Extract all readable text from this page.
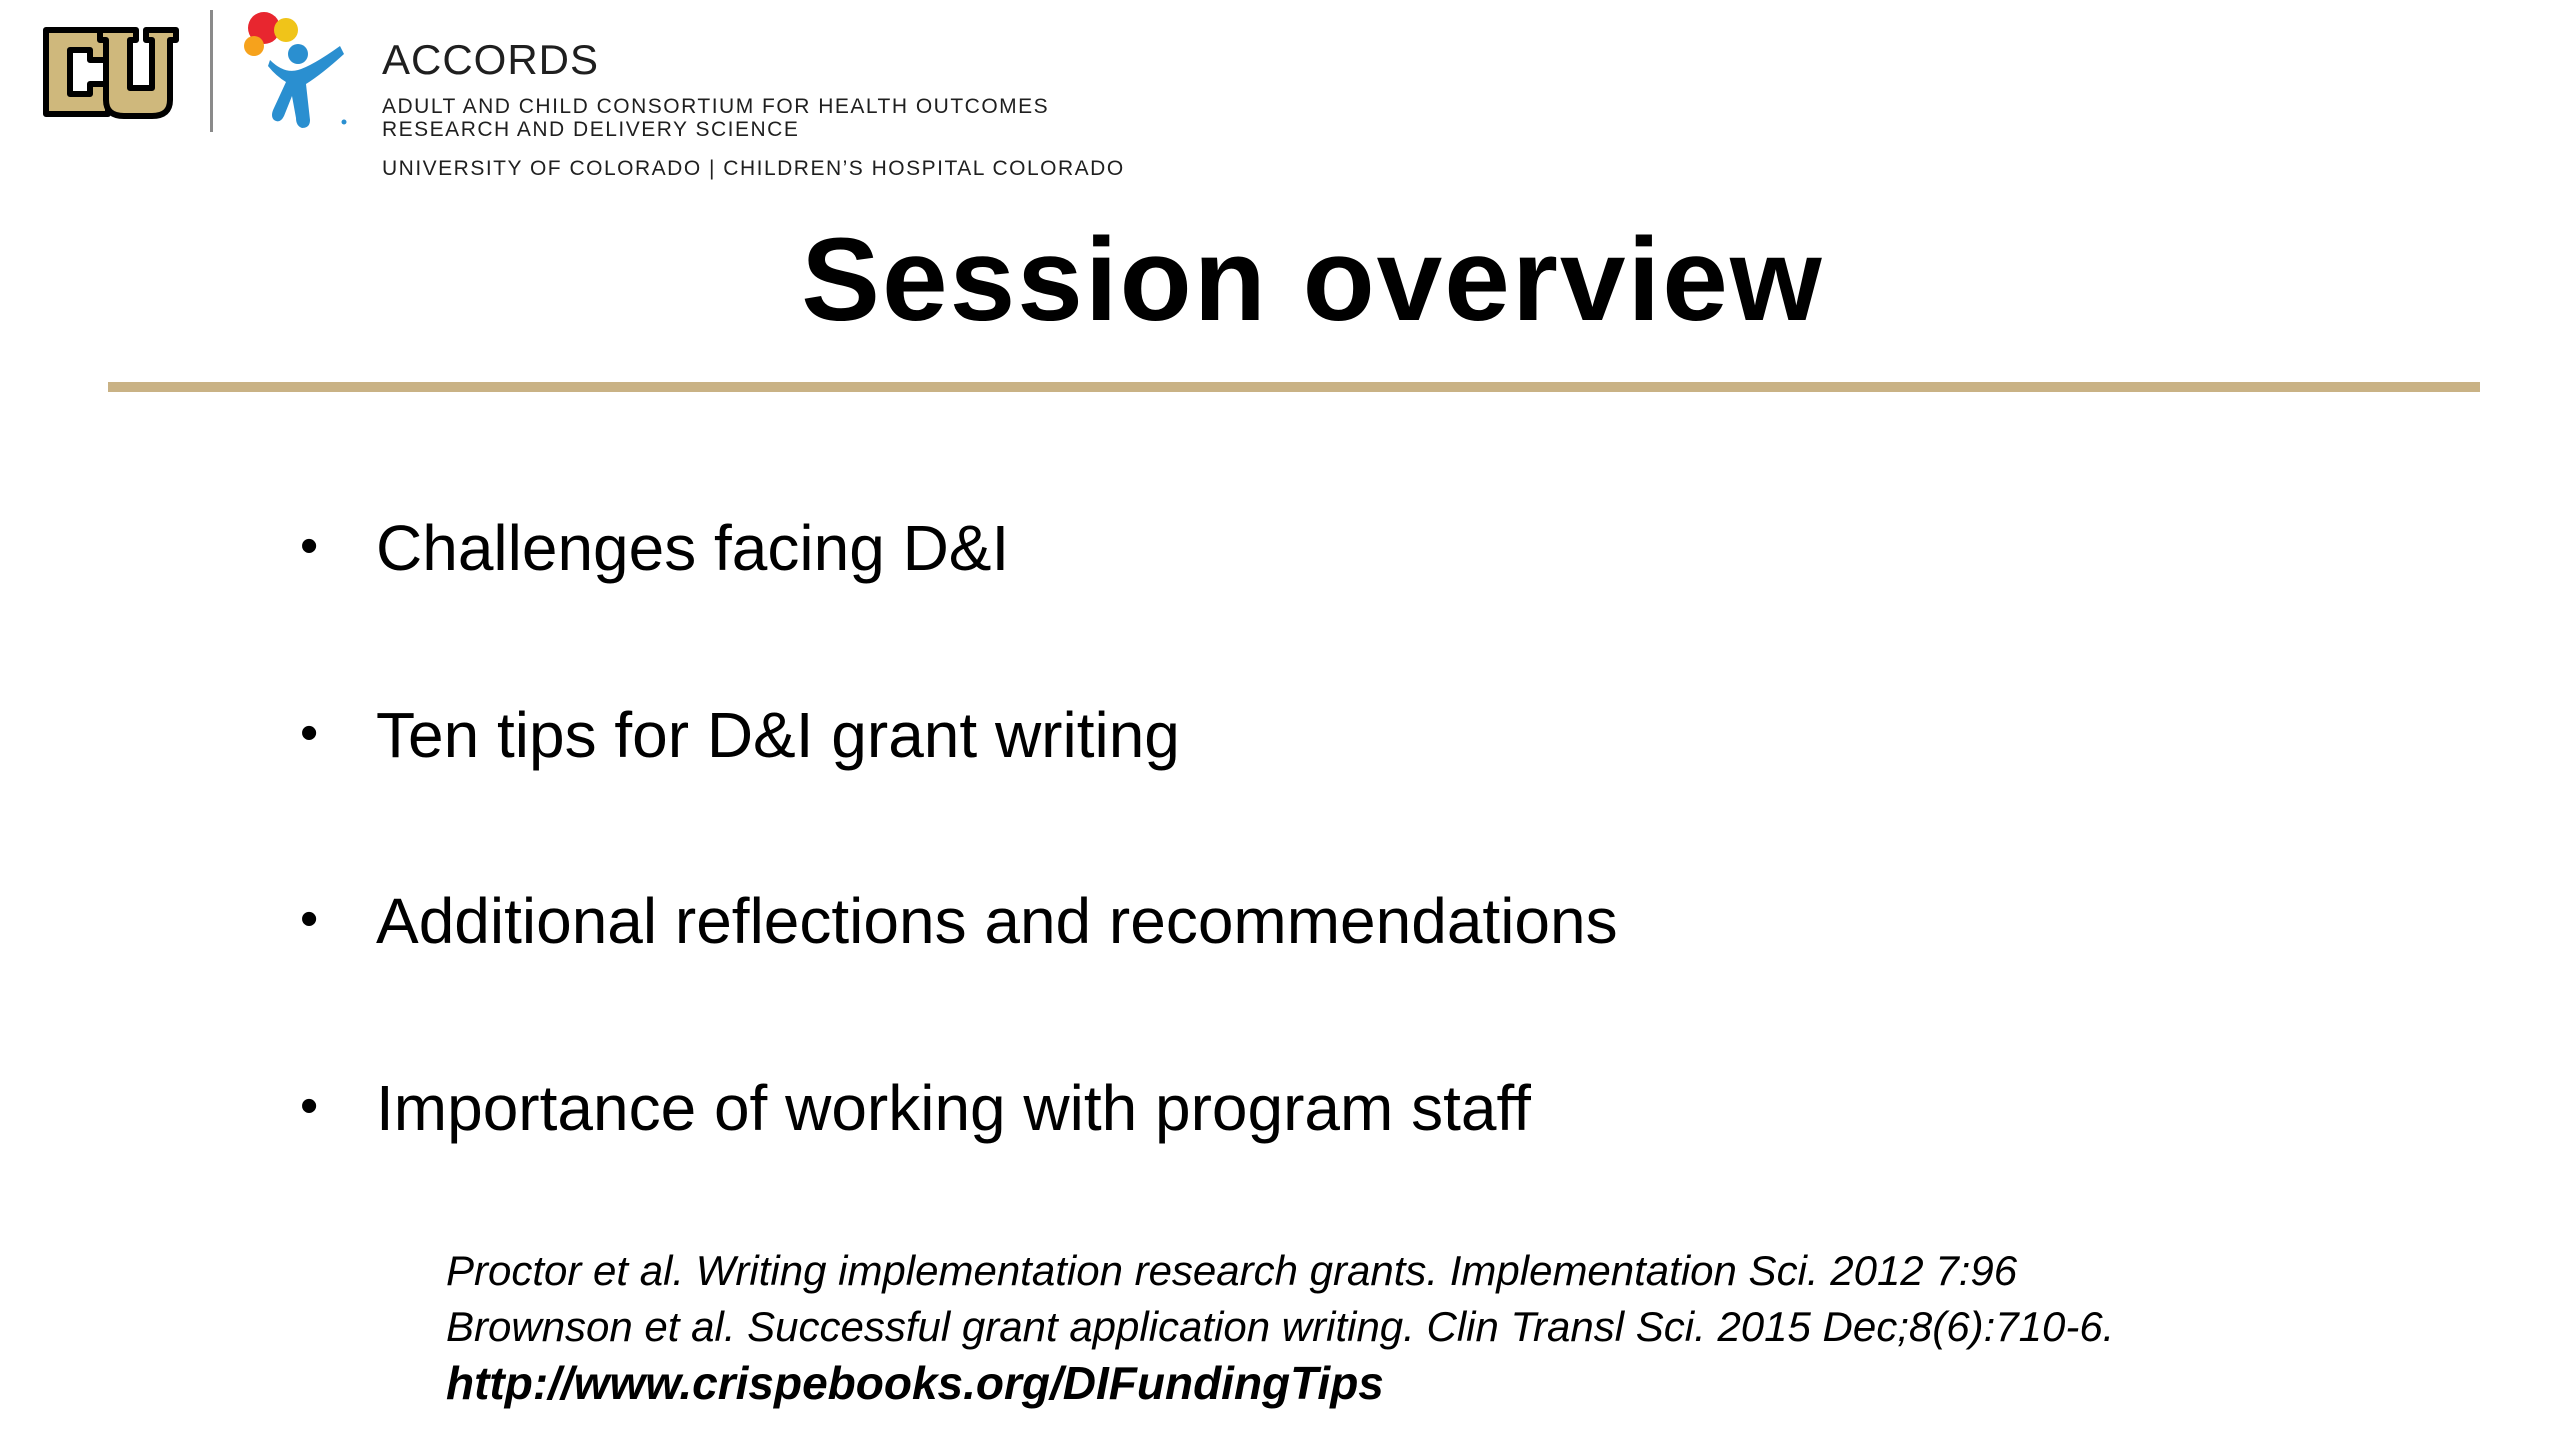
ACCORDS
ADULT AND CHILD CONSORTIUM FOR HEALTH OUTCOMES
RESEARCH AND DELIVERY SCIENCE
UNIVERSITY OF COLORADO | CHILDREN’S HOSPITAL COLORADO
Session overview
• Challenges facing D&I
• Ten tips for D&I grant writing
• Additional reflections and recommendations
• Importance of working with program staff
Proctor et al. Writing implementation research grants. Implementation Sci. 2012 7:96
Brownson et al. Successful grant application writing. Clin Transl Sci. 2015 Dec;8(6):710-6.
http://www.crispebooks.org/DIFundingTips
